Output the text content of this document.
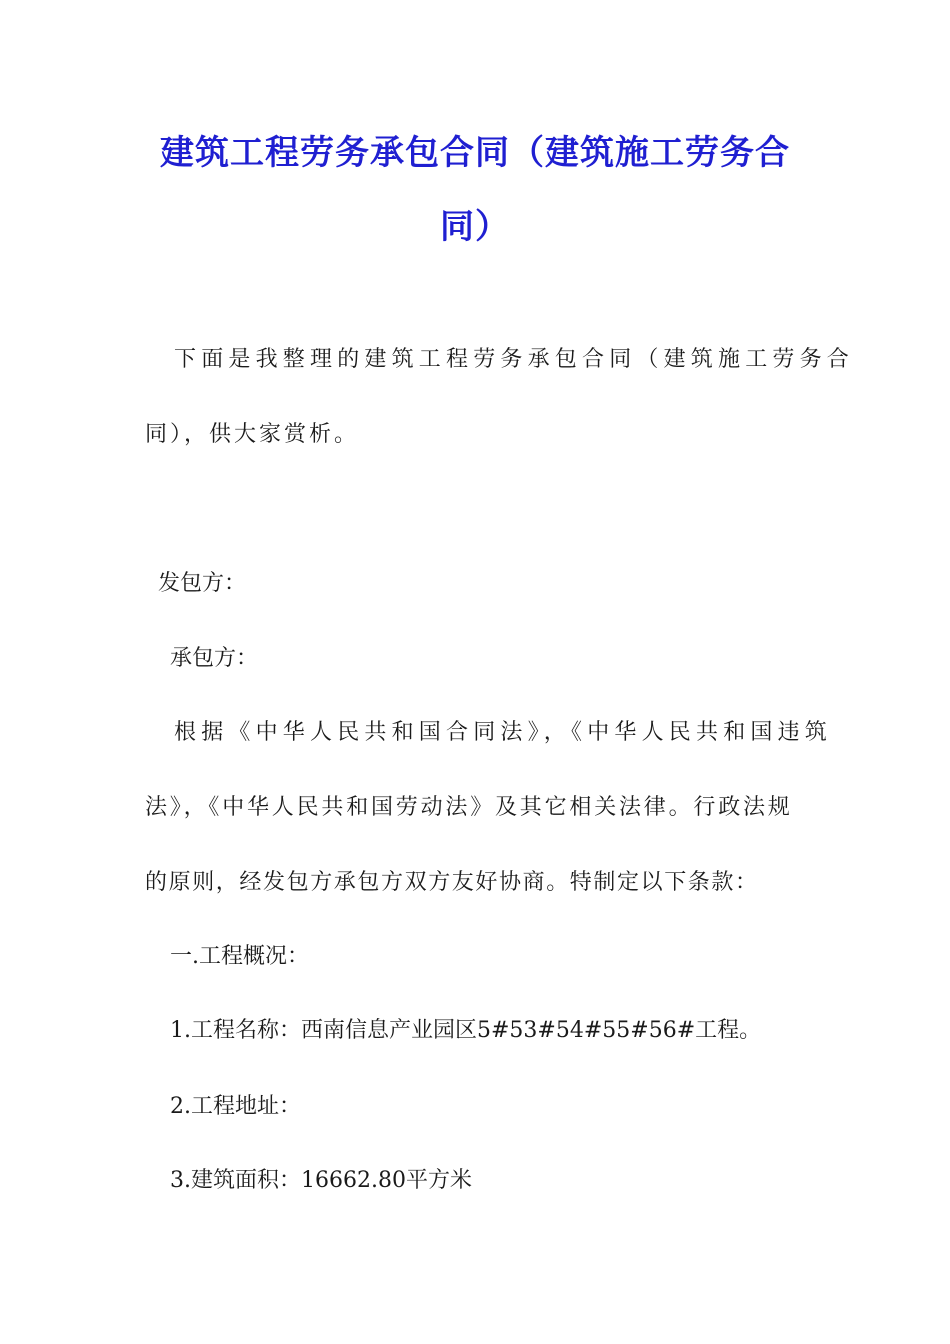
建筑工程劳务承包合同（建筑施工劳务合
同）
下面是我整理的建筑工程劳务承包合同（建筑施工劳务合
同），供大家赏析。
发包方：
承包方：
根据《中华人民共和国合同法》，《中华人民共和国违筑
法》，《中华人民共和国劳动法》及其它相关法律。行政法规
的原则，经发包方承包方双方友好协商。特制定以下条款：
一.工程概况：
1.工程名称：西南信息产业园区5#53#54#55#56#工程。
2.工程地址：
3.建筑面积：16662.80平方米
